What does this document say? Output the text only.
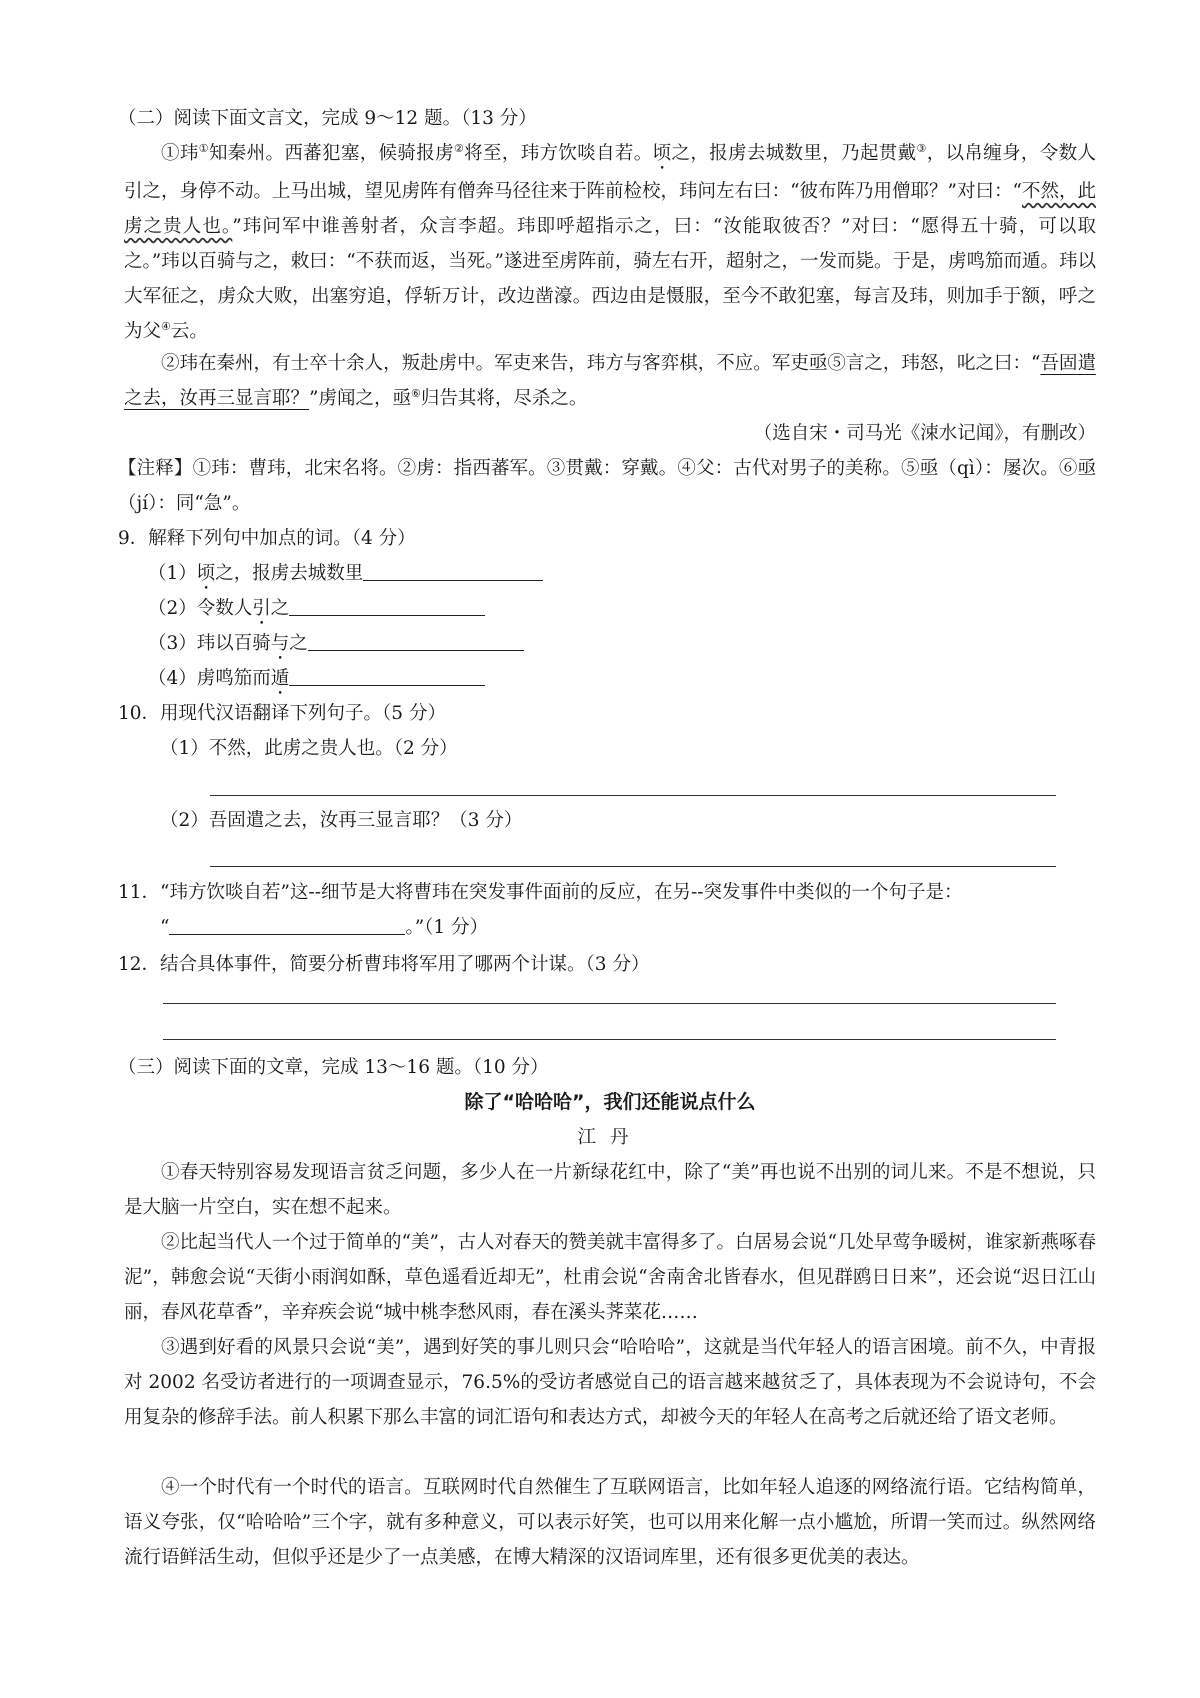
（二）阅读下面文言文，完成 9～12 题。（13 分）

①玮①知秦州。西蕃犯塞，候骑报虏②将至，玮方饮啖自若。顷之，报虏去城数里，乃起贯戴③，以帛缠身，令数人引之，身停不动。上马出城，望见虏阵有僧奔马径往来于阵前检校，玮问左右曰：“彼布阵乃用僧耶？”对曰：“不然，此虏之贵人也。”玮问军中谁善射者，众言李超。玮即呼超指示之，曰：“汝能取彼否？”对曰：“愿得五十骑，可以取之。”玮以百骑与之，敕曰：“不获而返，当死。”遂进至虏阵前，骑左右开，超射之，一发而毙。于是，虏鸣笳而遁。玮以大军征之，虏众大败，出塞穷追，俘斩万计，改边凿濠。西边由是慑服，至今不敢犯塞，每言及玮，则加手于额，呼之为父④云。

②玮在秦州，有士卒十余人，叛赴虏中。军吏来告，玮方与客弈棋，不应。军吏亟⑤言之，玮怒，叱之曰：“吾固遣之去，汝再三显言耶？”虏闻之，亟⑥归告其将，尽杀之。

（选自宋・司马光《涑水记闻》，有删改）

【注释】①玮：曹玮，北宋名将。②虏：指西蕃军。③贯戴：穿戴。④父：古代对男子的美称。⑤亟（qì）：屡次。⑥亟（jí）：同“急”。

9．解释下列句中加点的词。（4 分）
（1）顷之，报虏去城数里
（2）令数人引之
（3）玮以百骑与之
（4）虏鸣笳而遁
10．用现代汉语翻译下列句子。（5 分）
（1）不然，此虏之贵人也。（2 分）
（2）吾固遣之去，汝再三显言耶？（3 分）
11．“玮方饮啖自若”这--细节是大将曹玮在突发事件面前的反应，在另--突发事件中类似的一个句子是：
“	。”（1 分）
12．结合具体事件，简要分析曹玮将军用了哪两个计谋。（3 分）
（三）阅读下面的文章，完成 13～16 题。（10 分）
除了“哈哈哈”，我们还能说点什么
江丹

①春天特别容易发现语言贫乏问题，多少人在一片新绿花红中，除了“美”再也说不出别的词儿来。不是不想说，只是大脑一片空白，实在想不起来。

②比起当代人一个过于简单的“美”，古人对春天的赞美就丰富得多了。白居易会说“几处早莺争暖树，谁家新燕啄春泥”，韩愈会说“天街小雨润如酥，草色遥看近却无”，杜甫会说“舍南舍北皆春水，但见群鸥日日来”，还会说“迟日江山丽，春风花草香”，辛弃疾会说“城中桃李愁风雨，春在溪头荠菜花……

③遇到好看的风景只会说“美”，遇到好笑的事儿则只会“哈哈哈”，这就是当代年轻人的语言困境。前不久，中青报对 2002 名受访者进行的一项调查显示，76.5%的受访者感觉自己的语言越来越贫乏了，具体表现为不会说诗句，不会用复杂的修辞手法。前人积累下那么丰富的词汇语句和表达方式，却被今天的年轻人在高考之后就还给了语文老师。

④一个时代有一个时代的语言。互联网时代自然催生了互联网语言，比如年轻人追逐的网络流行语。它结构简单，语义夸张，仅“哈哈哈”三个字，就有多种意义，可以表示好笑，也可以用来化解一点小尴尬，所谓一笑而过。纵然网络流行语鲜活生动，但似乎还是少了一点美感，在博大精深的汉语词库里，还有很多更优美的表达。
